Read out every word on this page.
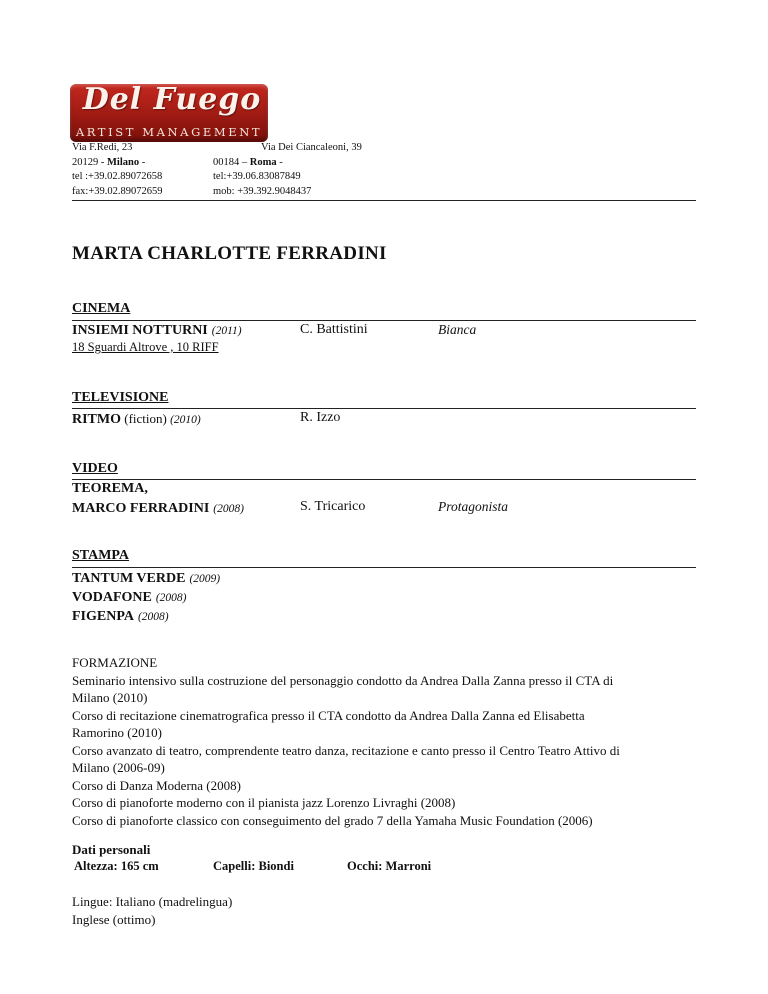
Del Fuego
ARTIST MANAGEMENT
Via F.Redi, 23
20129 - Milano -
tel :+39.02.89072658
fax:+39.02.89072659
Via Dei Ciancaleoni, 39
00184 – Roma -
tel:+39.06.83087849
mob: +39.392.9048437
MARTA CHARLOTTE FERRADINI
CINEMA
INSIEMI NOTTURNI (2011)	C. Battistini	Bianca
18 Sguardi Altrove , 10 RIFF
TELEVISIONE
RITMO (fiction) (2010)	R. Izzo
VIDEO
TEOREMA,
MARCO FERRADINI (2008)	S. Tricarico	Protagonista
STAMPA
TANTUM VERDE (2009)
VODAFONE (2008)
FIGENPA (2008)
FORMAZIONE
Seminario intensivo sulla costruzione del personaggio condotto da Andrea Dalla Zanna presso il CTA di
Milano (2010)
Corso di recitazione cinematrografica presso il CTA condotto da Andrea Dalla Zanna ed Elisabetta
Ramorino (2010)
Corso avanzato di teatro, comprendente teatro danza, recitazione e canto presso il Centro Teatro Attivo di
Milano (2006-09)
Corso di Danza Moderna (2008)
Corso di pianoforte moderno con il pianista jazz Lorenzo Livraghi (2008)
Corso di pianoforte classico con conseguimento del grado 7 della Yamaha Music Foundation (2006)
Dati personali
Altezza: 165 cm	Capelli: Biondi	Occhi: Marroni
Lingue: Italiano (madrelingua)
Inglese (ottimo)
